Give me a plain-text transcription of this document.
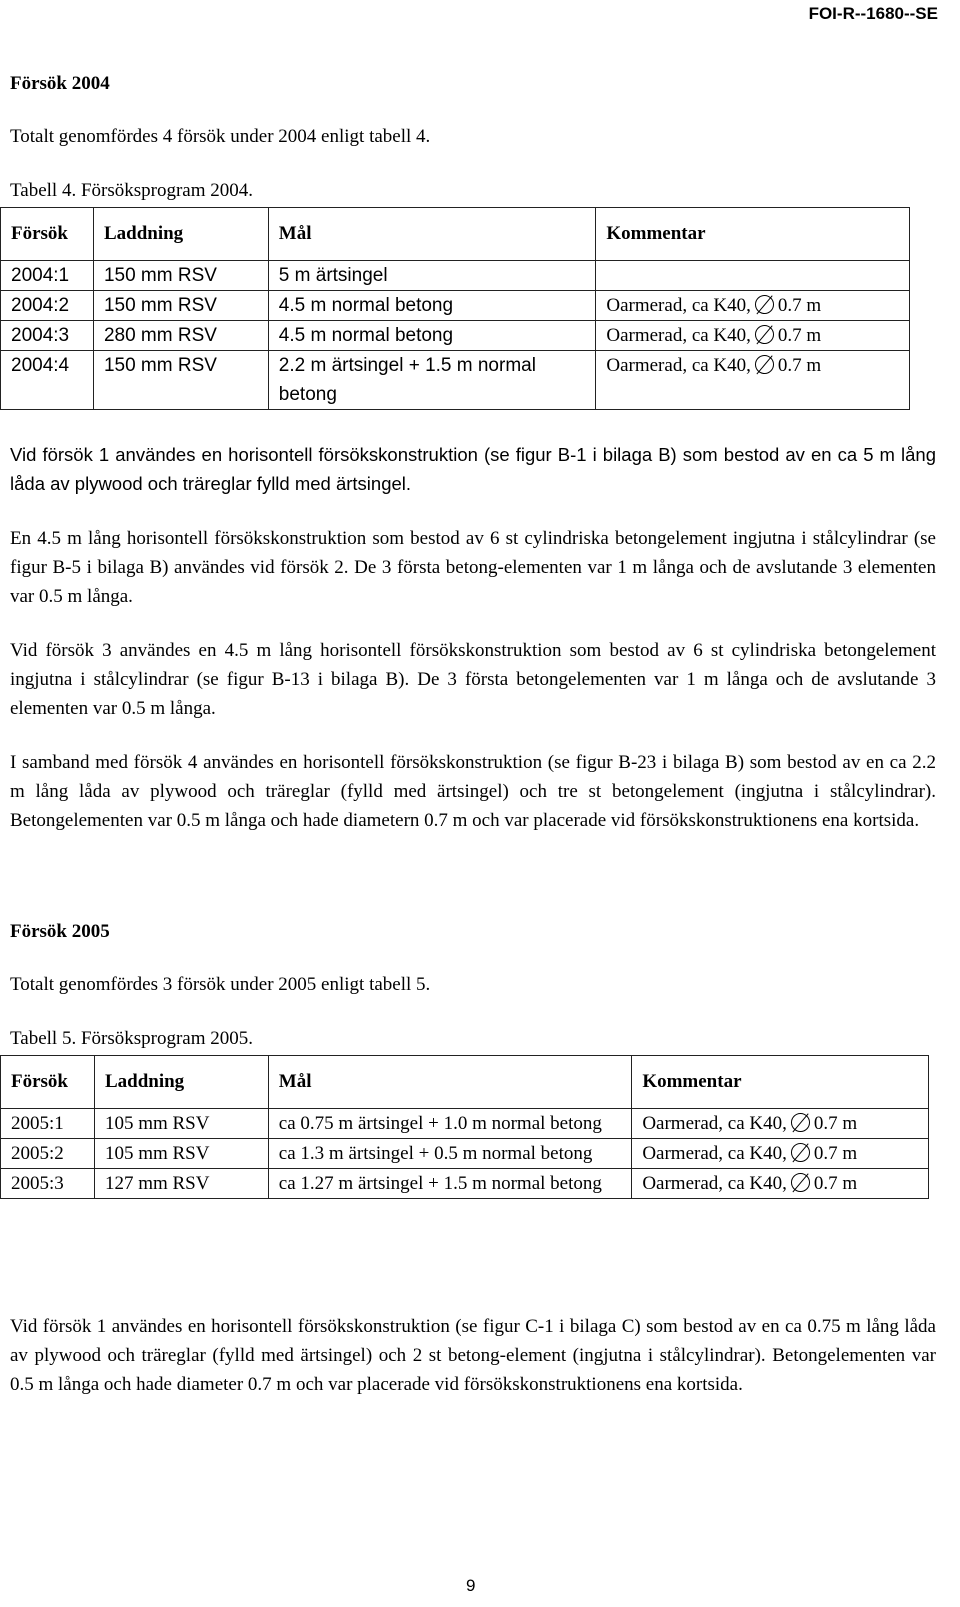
FOI-R--1680--SE
Försök 2004
Totalt genomfördes 4 försök under 2004 enligt tabell 4.
Tabell 4. Försöksprogram 2004.
Försök	Laddning	Mål	Kommentar
2004:1	150 mm RSV	5 m ärtsingel	
2004:2	150 mm RSV	4.5 m normal betong	Oarmerad, ca K40, 0.7 m
2004:3	280 mm RSV	4.5 m normal betong	Oarmerad, ca K40, 0.7 m
2004:4	150 mm RSV	2.2 m ärtsingel + 1.5 m normal betong	Oarmerad, ca K40, 0.7 m
Vid försök 1 användes en horisontell försökskonstruktion (se figur B-1 i bilaga B) som bestod av en ca 5 m lång låda av plywood och träreglar fylld med ärtsingel.
En 4.5 m lång horisontell försökskonstruktion som bestod av 6 st cylindriska betongelement ingjutna i stålcylindrar (se figur B-5 i bilaga B) användes vid försök 2. De 3 första betong-elementen var 1 m långa och de avslutande 3 elementen var 0.5 m långa.
Vid försök 3 användes en 4.5 m lång horisontell försökskonstruktion som bestod av 6 st cylindriska betongelement ingjutna i stålcylindrar (se figur B-13 i bilaga B). De 3 första betongelementen var 1 m långa och de avslutande 3 elementen var 0.5 m långa.
I samband med försök 4 användes en horisontell försökskonstruktion (se figur B-23 i bilaga B) som bestod av en ca 2.2 m lång låda av plywood och träreglar (fylld med ärtsingel) och tre st betongelement (ingjutna i stålcylindrar). Betongelementen var 0.5 m långa och hade diametern 0.7 m och var placerade vid försökskonstruktionens ena kortsida.
Försök 2005
Totalt genomfördes 3 försök under 2005 enligt tabell 5.
Tabell 5. Försöksprogram 2005.
Försök	Laddning	Mål	Kommentar
2005:1	105 mm RSV	ca 0.75 m ärtsingel + 1.0 m normal betong	Oarmerad, ca K40, 0.7 m
2005:2	105 mm RSV	ca 1.3 m ärtsingel + 0.5 m normal betong	Oarmerad, ca K40, 0.7 m
2005:3	127 mm RSV	ca 1.27 m ärtsingel + 1.5 m normal betong	Oarmerad, ca K40, 0.7 m
Vid försök 1 användes en horisontell försökskonstruktion (se figur C-1 i bilaga C) som bestod av en ca 0.75 m lång låda av plywood och träreglar (fylld med ärtsingel) och 2 st betong-element (ingjutna i stålcylindrar). Betongelementen var 0.5 m långa och hade diameter 0.7 m och var placerade vid försökskonstruktionens ena kortsida.
9
